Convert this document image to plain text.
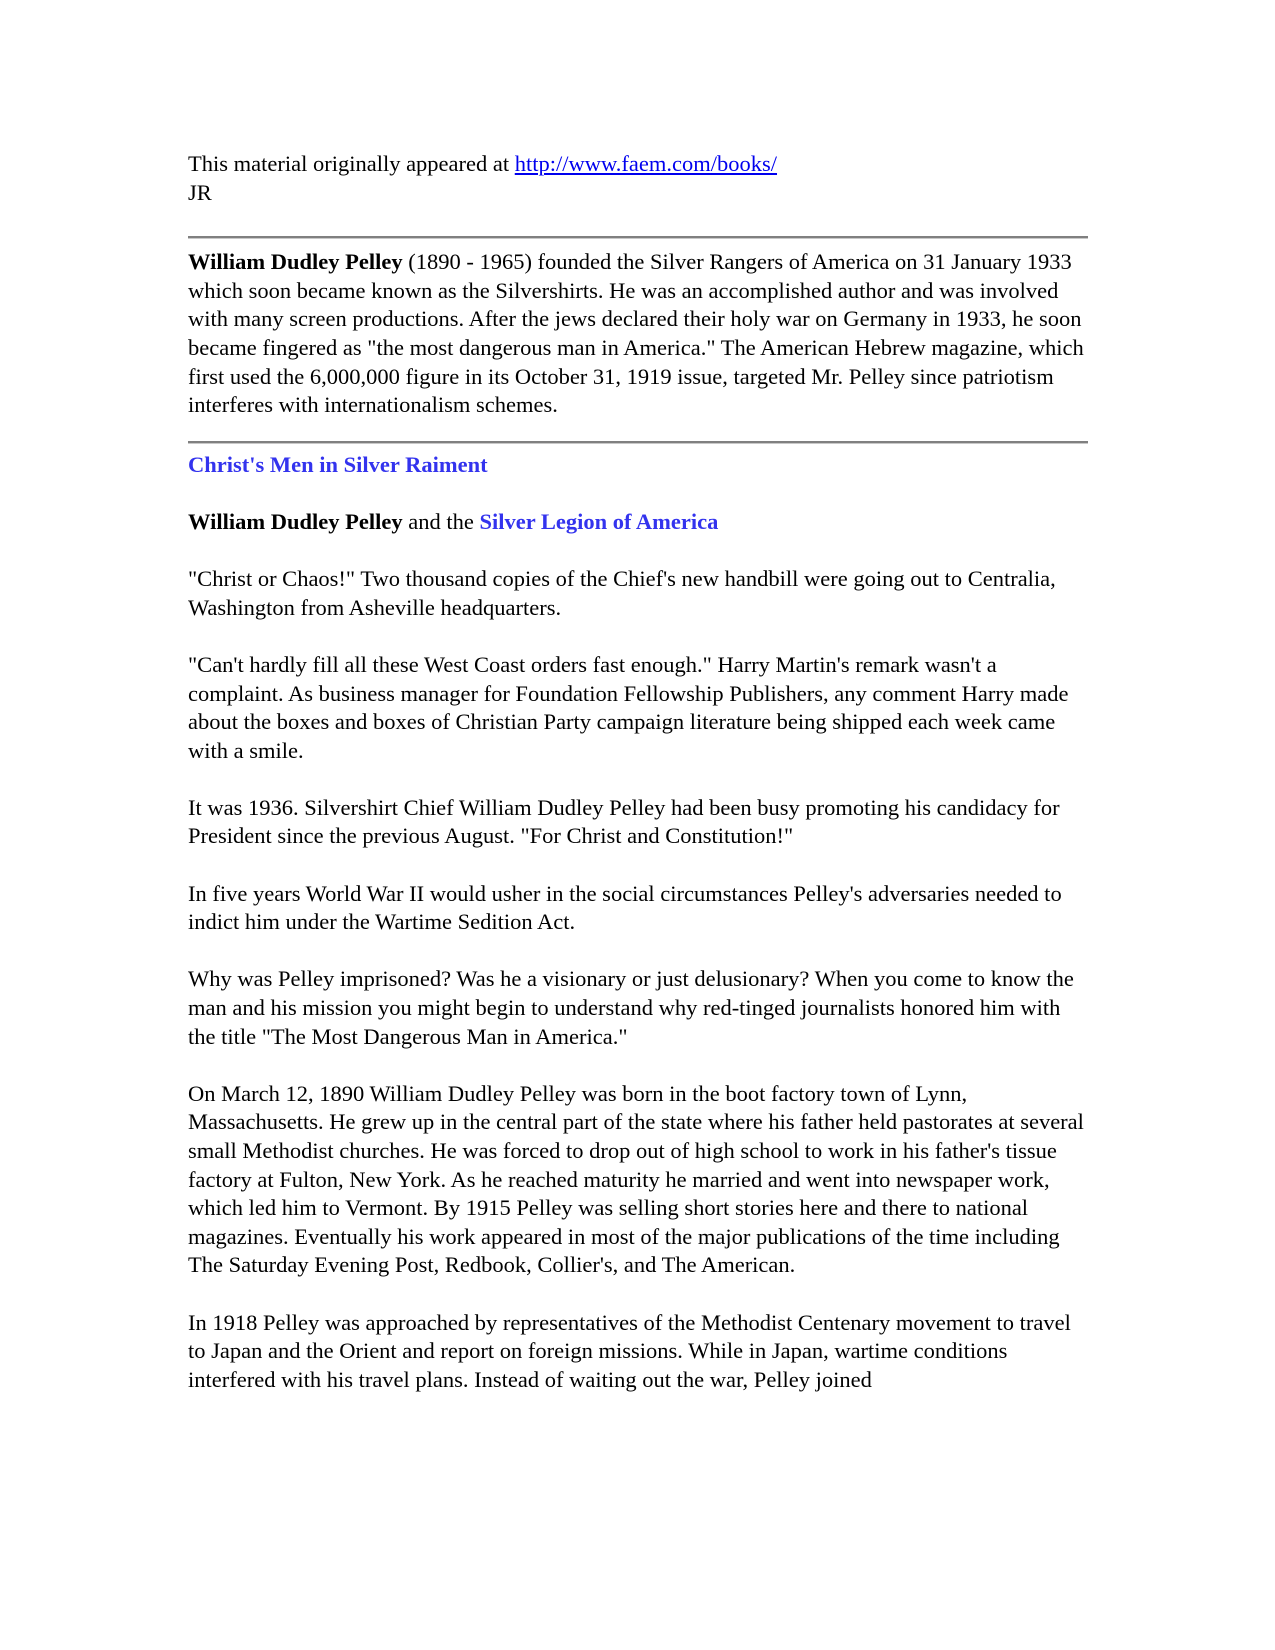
This material originally appeared at http://www.faem.com/books/

JR

William Dudley Pelley (1890 - 1965) founded the Silver Rangers of America on 31 January 1933 which soon became known as the Silvershirts. He was an accomplished author and was involved with many screen productions. After the jews declared their holy war on Germany in 1933, he soon became fingered as "the most dangerous man in America." The American Hebrew magazine, which first used the 6,000,000 figure in its October 31, 1919 issue, targeted Mr. Pelley since patriotism interferes with internationalism schemes.

Christ's Men in Silver Raiment

William Dudley Pelley and the Silver Legion of America

"Christ or Chaos!" Two thousand copies of the Chief's new handbill were going out to Centralia, Washington from Asheville headquarters.

"Can't hardly fill all these West Coast orders fast enough." Harry Martin's remark wasn't a complaint. As business manager for Foundation Fellowship Publishers, any comment Harry made about the boxes and boxes of Christian Party campaign literature being shipped each week came with a smile.

It was 1936. Silvershirt Chief William Dudley Pelley had been busy promoting his candidacy for President since the previous August. "For Christ and Constitution!"

In five years World War II would usher in the social circumstances Pelley's adversaries needed to indict him under the Wartime Sedition Act.

Why was Pelley imprisoned? Was he a visionary or just delusionary? When you come to know the man and his mission you might begin to understand why red-tinged journalists honored him with the title "The Most Dangerous Man in America."

On March 12, 1890 William Dudley Pelley was born in the boot factory town of Lynn, Massachusetts. He grew up in the central part of the state where his father held pastorates at several small Methodist churches. He was forced to drop out of high school to work in his father's tissue factory at Fulton, New York. As he reached maturity he married and went into newspaper work, which led him to Vermont. By 1915 Pelley was selling short stories here and there to national magazines. Eventually his work appeared in most of the major publications of the time including The Saturday Evening Post, Redbook, Collier's, and The American.

In 1918 Pelley was approached by representatives of the Methodist Centenary movement to travel to Japan and the Orient and report on foreign missions. While in Japan, wartime conditions interfered with his travel plans. Instead of waiting out the war, Pelley joined
